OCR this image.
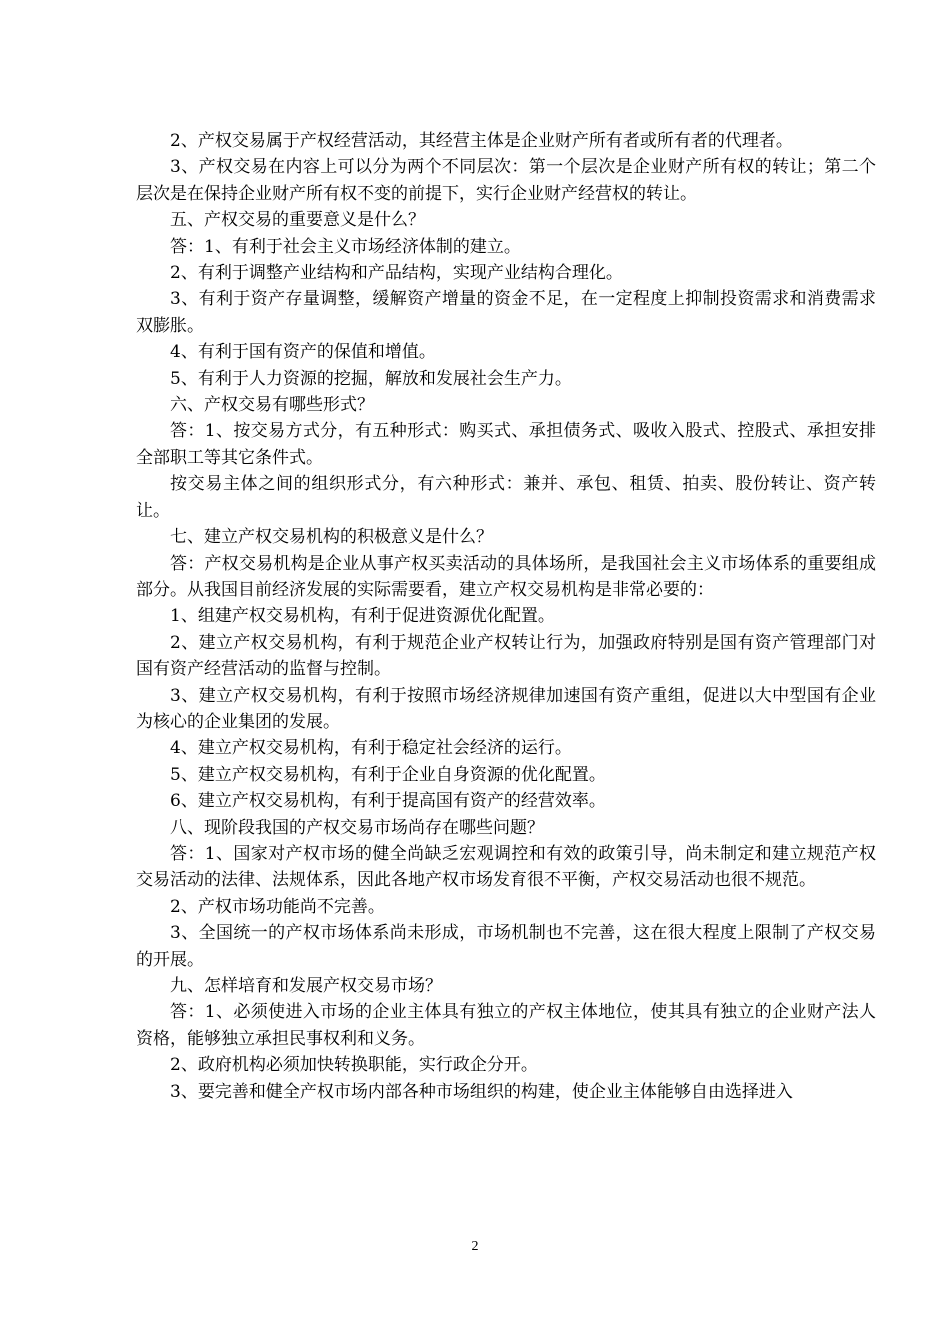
2、产权交易属于产权经营活动，其经营主体是企业财产所有者或所有者的代理者。

3、产权交易在内容上可以分为两个不同层次：第一个层次是企业财产所有权的转让；第二个层次是在保持企业财产所有权不变的前提下，实行企业财产经营权的转让。

五、产权交易的重要意义是什么？

答：1、有利于社会主义市场经济体制的建立。

2、有利于调整产业结构和产品结构，实现产业结构合理化。

3、有利于资产存量调整，缓解资产增量的资金不足，在一定程度上抑制投资需求和消费需求双膨胀。

4、有利于国有资产的保值和增值。

5、有利于人力资源的挖掘，解放和发展社会生产力。

六、产权交易有哪些形式？

答：1、按交易方式分，有五种形式：购买式、承担债务式、吸收入股式、控股式、承担安排全部职工等其它条件式。

按交易主体之间的组织形式分，有六种形式：兼并、承包、租赁、拍卖、股份转让、资产转让。

七、建立产权交易机构的积极意义是什么？

答：产权交易机构是企业从事产权买卖活动的具体场所，是我国社会主义市场体系的重要组成部分。从我国目前经济发展的实际需要看，建立产权交易机构是非常必要的：

1、组建产权交易机构，有利于促进资源优化配置。

2、建立产权交易机构，有利于规范企业产权转让行为，加强政府特别是国有资产管理部门对国有资产经营活动的监督与控制。

3、建立产权交易机构，有利于按照市场经济规律加速国有资产重组，促进以大中型国有企业为核心的企业集团的发展。

4、建立产权交易机构，有利于稳定社会经济的运行。

5、建立产权交易机构，有利于企业自身资源的优化配置。

6、建立产权交易机构，有利于提高国有资产的经营效率。

八、现阶段我国的产权交易市场尚存在哪些问题？

答：1、国家对产权市场的健全尚缺乏宏观调控和有效的政策引导，尚未制定和建立规范产权交易活动的法律、法规体系，因此各地产权市场发育很不平衡，产权交易活动也很不规范。

2、产权市场功能尚不完善。

3、全国统一的产权市场体系尚未形成，市场机制也不完善，这在很大程度上限制了产权交易的开展。

九、怎样培育和发展产权交易市场？

答：1、必须使进入市场的企业主体具有独立的产权主体地位，使其具有独立的企业财产法人资格，能够独立承担民事权利和义务。

2、政府机构必须加快转换职能，实行政企分开。

3、要完善和健全产权市场内部各种市场组织的构建，使企业主体能够自由选择进入

2
